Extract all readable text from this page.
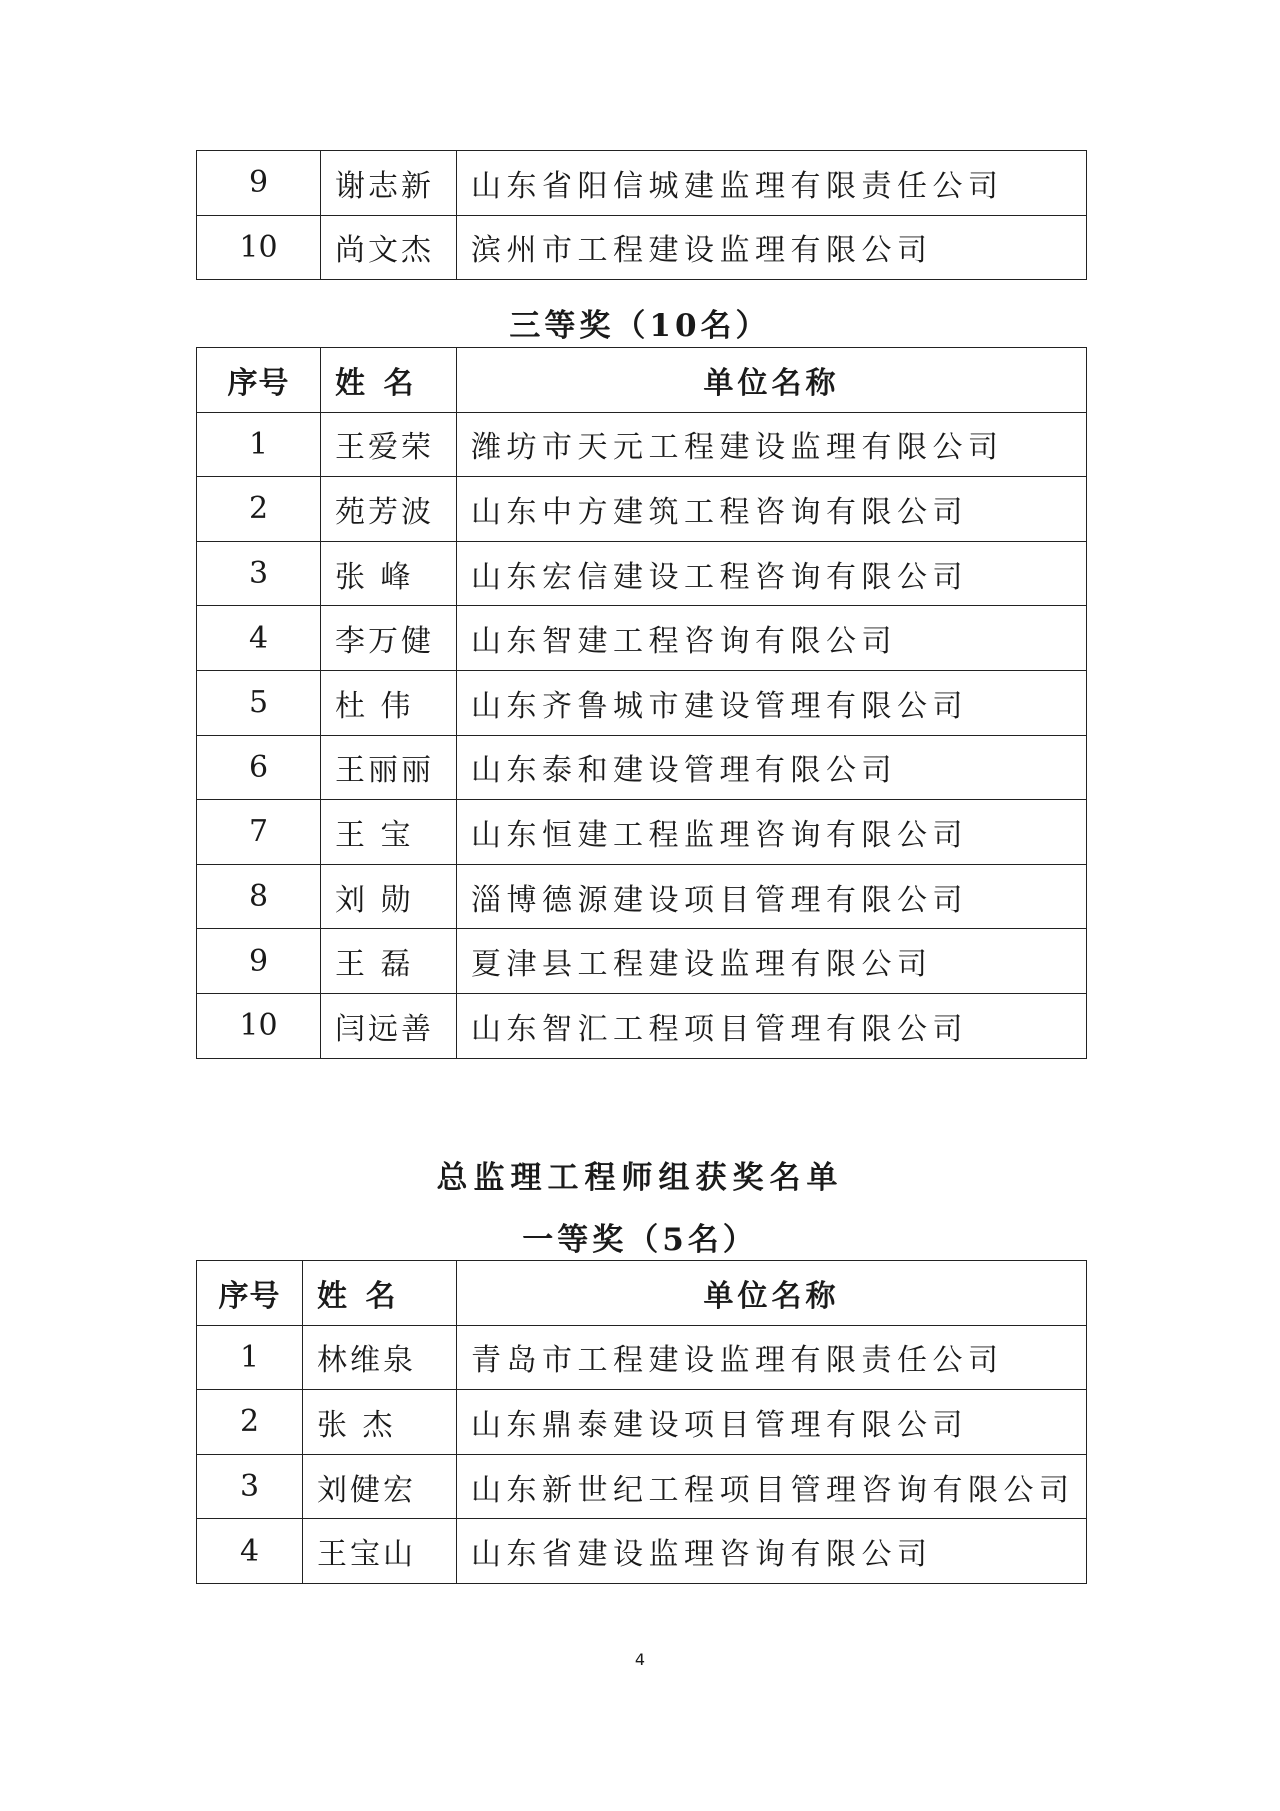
9	谢志新	山东省阳信城建监理有限责任公司
10	尚文杰	滨州市工程建设监理有限公司
三等奖（10名）
序号	姓 名	单位名称
1	王爱荣	潍坊市天元工程建设监理有限公司
2	苑芳波	山东中方建筑工程咨询有限公司
3	张 峰	山东宏信建设工程咨询有限公司
4	李万健	山东智建工程咨询有限公司
5	杜 伟	山东齐鲁城市建设管理有限公司
6	王丽丽	山东泰和建设管理有限公司
7	王 宝	山东恒建工程监理咨询有限公司
8	刘 勋	淄博德源建设项目管理有限公司
9	王 磊	夏津县工程建设监理有限公司
10	闫远善	山东智汇工程项目管理有限公司
总监理工程师组获奖名单
一等奖（5名）
序号	姓 名	单位名称
1	林维泉	青岛市工程建设监理有限责任公司
2	张 杰	山东鼎泰建设项目管理有限公司
3	刘健宏	山东新世纪工程项目管理咨询有限公司
4	王宝山	山东省建设监理咨询有限公司
4
